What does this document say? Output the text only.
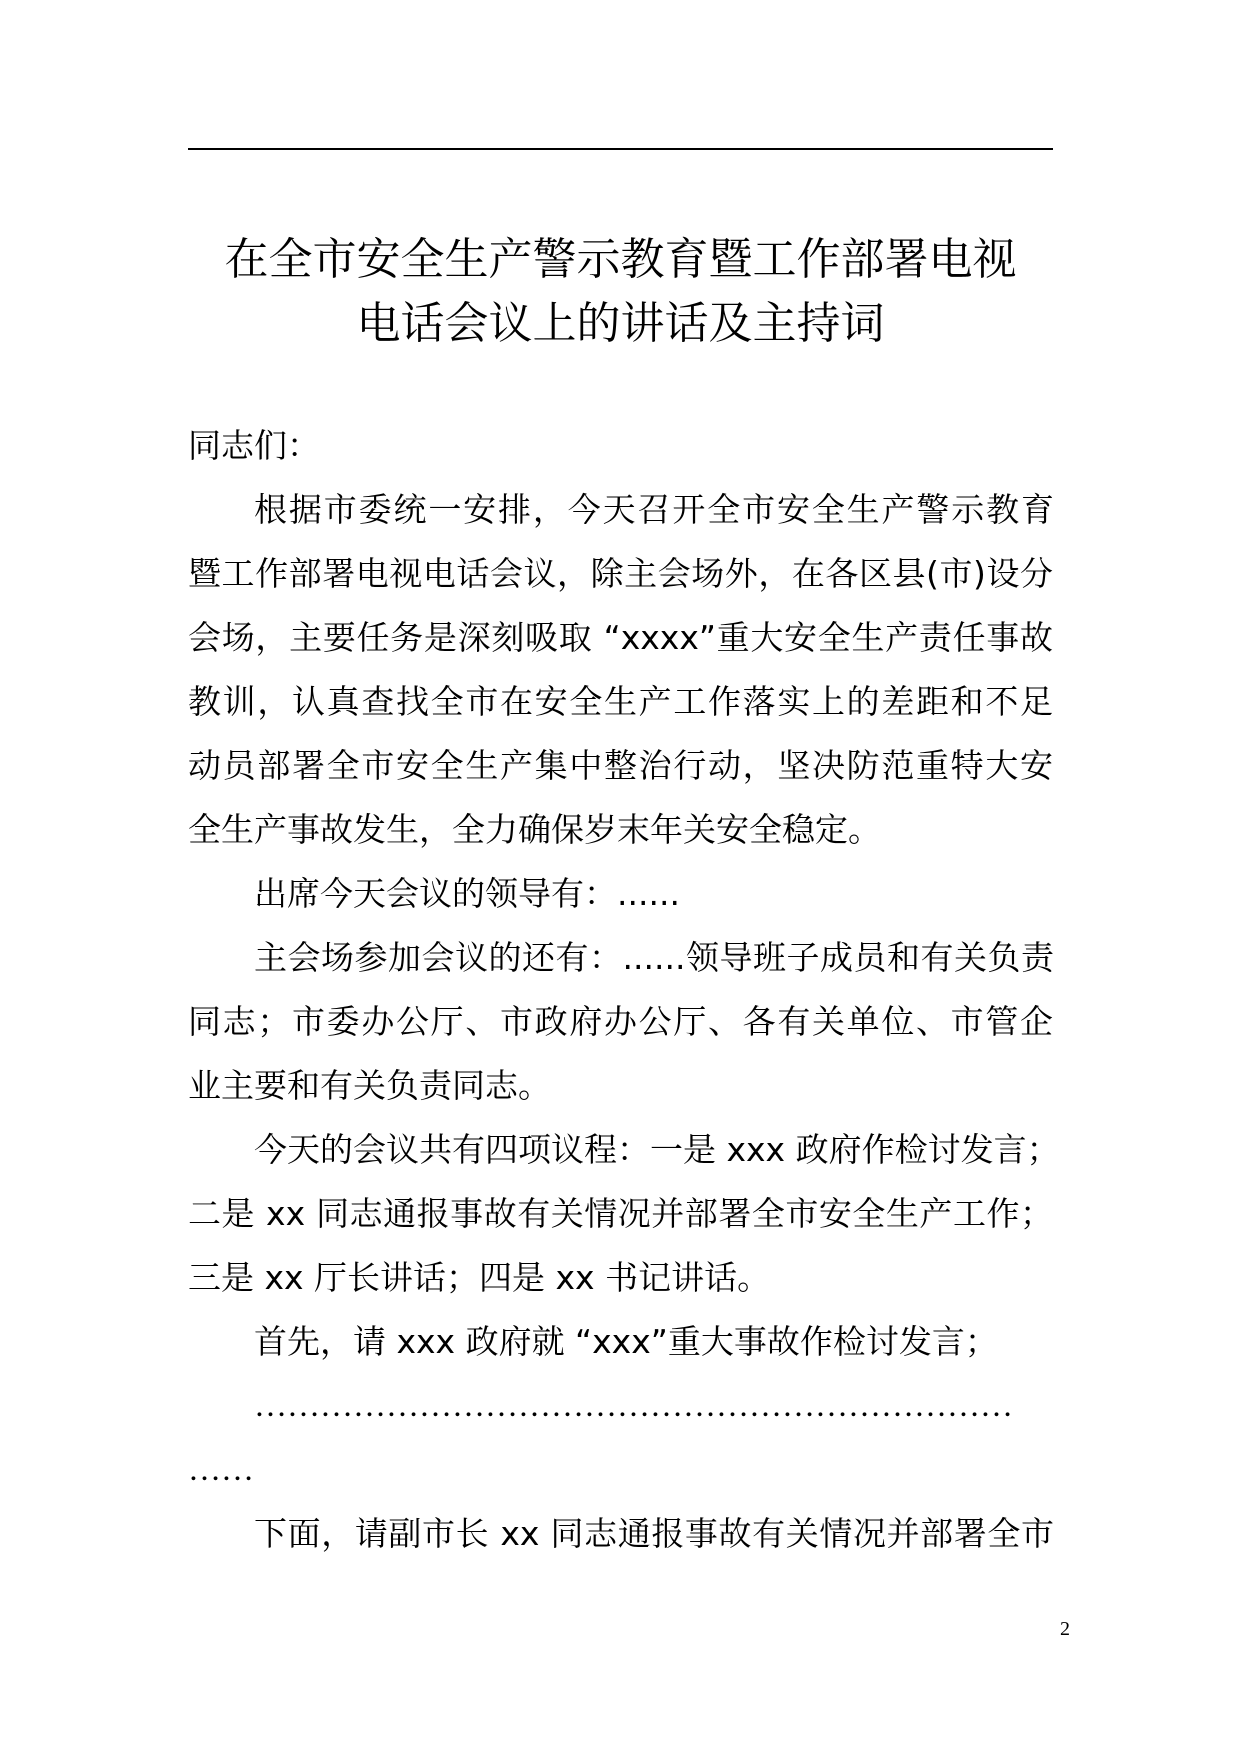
在全市安全生产警示教育暨工作部署电视
电话会议上的讲话及主持词
同志们：
根据市委统一安排，今天召开全市安全生产警示教育
暨工作部署电视电话会议，除主会场外，在各区县(市)设分
会场，主要任务是深刻吸取 “xxxx”重大安全生产责任事故
教训，认真查找全市在安全生产工作落实上的差距和不足
动员部署全市安全生产集中整治行动，坚决防范重特大安
全生产事故发生，全力确保岁末年关安全稳定。
出席今天会议的领导有：......
主会场参加会议的还有：......领导班子成员和有关负责
同志；市委办公厅、市政府办公厅、各有关单位、市管企
业主要和有关负责同志。
今天的会议共有四项议程：一是 xxx 政府作检讨发言；
二是 xx 同志通报事故有关情况并部署全市安全生产工作；
三是 xx 厅长讲话；四是 xx 书记讲话。
首先，请 xxx 政府就 “xxx”重大事故作检讨发言；
……………………………………………………………
……
下面，请副市长 xx 同志通报事故有关情况并部署全市
2
